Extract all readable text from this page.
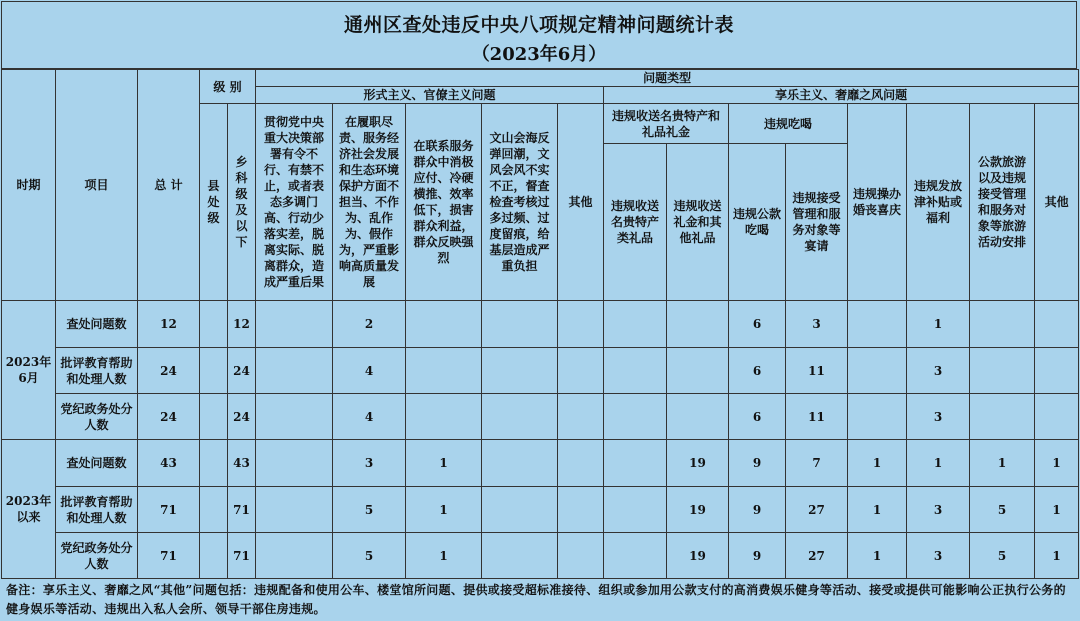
通州区查处违反中央八项规定精神问题统计表
（2023年6月）
时期	项目	总 计	级 别		问题类型												
					形式主义、官僚主义问题					享乐主义、奢靡之风问题							
			县处级	乡科级及以下	贯彻党中央重大决策部署有令不行、有禁不止，或者表态多调门高、行动少落实差，脱离实际、脱离群众，造成严重后果	在履职尽责、服务经济社会发展和生态环境保护方面不担当、不作为、乱作为、假作为，严重影响高质量发展	在联系服务群众中消极应付、冷硬横推、效率低下，损害群众利益，群众反映强烈	文山会海反弹回潮，文风会风不实不正，督查检查考核过多过频、过度留痕，给基层造成严重负担	其他	违规收送名贵特产和礼品礼金		违规吃喝		违规操办婚丧喜庆	违规发放津补贴或福利	公款旅游以及违规接受管理和服务对象等旅游活动安排	其他
										违规收送名贵特产类礼品	违规收送礼金和其他礼品	违规公款吃喝	违规接受管理和服务对象等宴请				
2023年6月	查处问题数	12		12		2						6	3		1		
	批评教育帮助和处理人数	24		24		4						6	11		3		
	党纪政务处分人数	24		24		4						6	11		3		
2023年以来	查处问题数	43		43		3	1				19	9	7	1	1	1	1
	批评教育帮助和处理人数	71		71		5	1				19	9	27	1	3	5	1
	党纪政务处分人数	71		71		5	1				19	9	27	1	3	5	1
备注：享乐主义、奢靡之风“其他”问题包括：违规配备和使用公车、楼堂馆所问题、提供或接受超标准接待、组织或参加用公款支付的高消费娱乐健身等活动、接受或提供可能影响公正执行公务的健身娱乐等活动、违规出入私人会所、领导干部住房违规。
